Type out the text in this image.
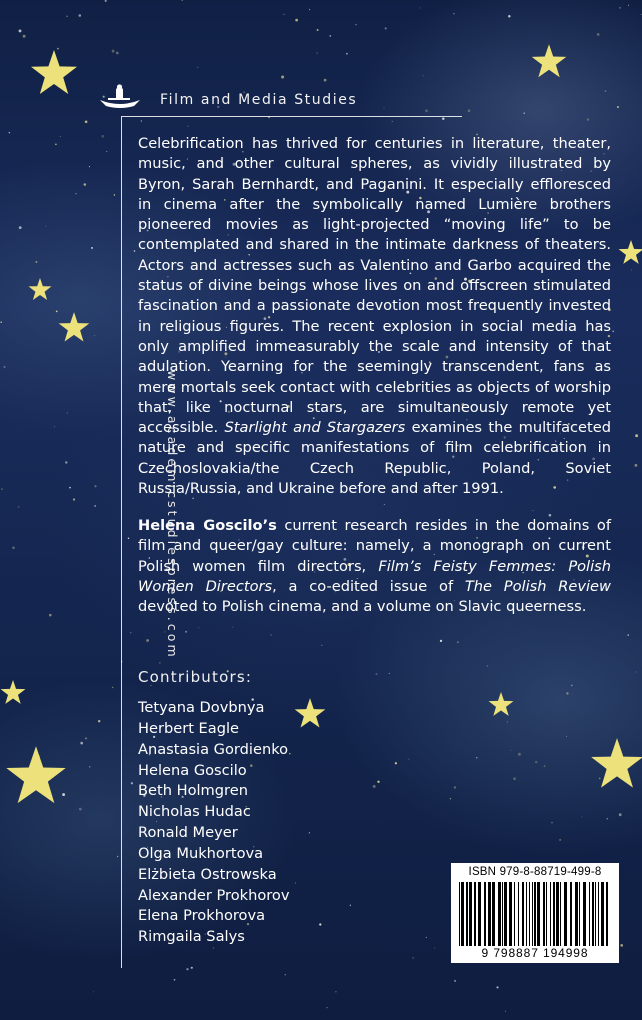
Film and Media Studies
www.academicstudiespress.com

Celebrification has thrived for centuries in literature, theater, music, and other cultural spheres, as vividly illustrated by Byron, Sarah Bernhardt, and Paganini. It especially effloresced in cinema after the symbolically named Lumière brothers pioneered movies as light-projected “moving life” to be contemplated and shared in the intimate darkness of theaters. Actors and actresses such as Valentino and Garbo acquired the status of divine beings whose lives on and offscreen stimulated fascination and a passionate devotion most frequently invested in religious figures. The recent explosion in social media has only amplified immeasurably the scale and intensity of that adulation. Yearning for the seemingly transcendent, fans as mere mortals seek contact with celebrities as objects of worship that, like nocturnal stars, are simultaneously remote yet accessible. Starlight and Stargazers examines the multifaceted nature and specific manifestations of film celebrification in Czechoslovakia/the Czech Republic, Poland, Soviet Russia/Russia, and Ukraine before and after 1991.

Helena Goscilo’s current research resides in the domains of film and queer/gay culture: namely, a monograph on current Polish women film directors, Film’s Feisty Femmes: Polish Women Directors, a co-edited issue of The Polish Review devoted to Polish cinema, and a volume on Slavic queerness.

Contributors:
Tetyana Dovbnya
Herbert Eagle
Anastasia Gordienko
Helena Goscilo
Beth Holmgren
Nicholas Hudac
Ronald Meyer
Olga Mukhortova
Elżbieta Ostrowska
Alexander Prokhorov
Elena Prokhorova
Rimgaila Salys
ISBN 979-8-88719-499-8
9 798887 194998
